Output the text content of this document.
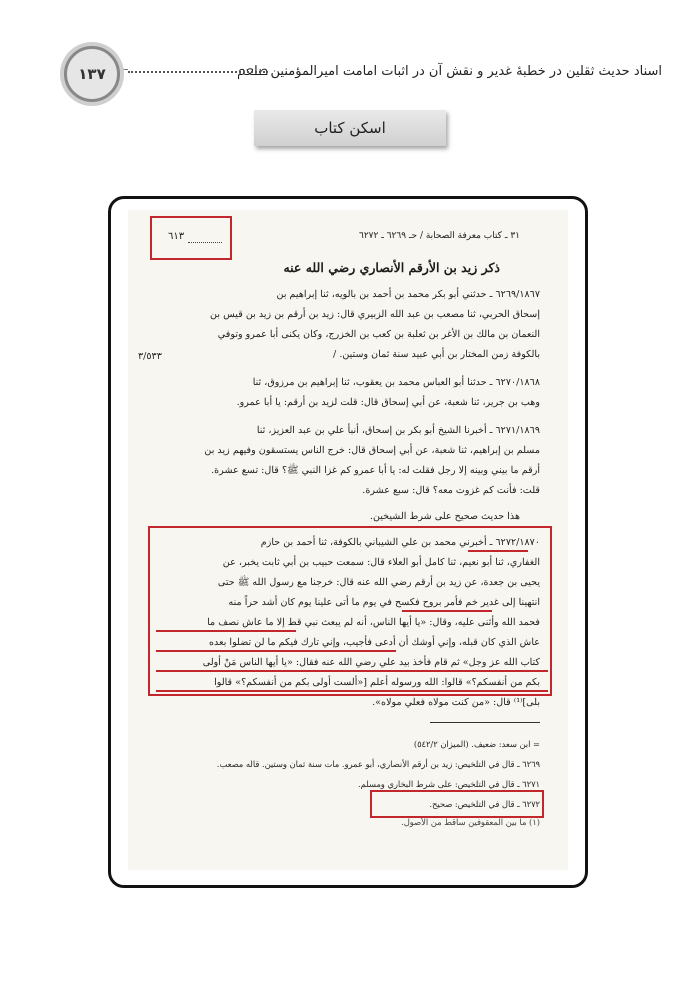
اسناد حدیث ثقلین در خطبهٔ غدیر و نقش آن در اثبات امامت امیرالمؤمنین ﷵ
۱۳۷
اسکن کتاب
٣١ ـ كتاب معرفة الصحابة / حـ ٦٢٦٩ ـ ٦٢٧٢
٦١٣
ذكر زيد بن الأرقم الأنصاري رضي الله عنه
٦٢٦٩/١٨٦٧ ـ حدثني أبو بكر محمد بن أحمد بن بالويه، ثنا إبراهيم بن
إسحاق الحربي، ثنا مصعب بن عبد الله الزبيري قال: زيد بن أرقم بن زيد بن قيس بن
النعمان بن مالك بن الأغر بن ثعلبة بن كعب بن الخزرج، وكان يكنى أبا عمرو وتوفي
بالكوفة زمن المختار بن أبي عبيد سنة ثمان وستين. /
٣/٥٣٣
٦٢٧٠/١٨٦٨ ـ حدثنا أبو العباس محمد بن يعقوب، ثنا إبراهيم بن مرزوق، ثنا
وهب بن جرير، ثنا شعبة، عن أبي إسحاق قال: قلت لزيد بن أرقم: يا أبا عمرو.
٦٢٧١/١٨٦٩ ـ أخبرنا الشيخ أبو بكر بن إسحاق، أنبأ علي بن عبد العزيز، ثنا
مسلم بن إبراهيم، ثنا شعبة، عن أبي إسحاق قال: خرج الناس يستسقون وفيهم زيد بن
أرقم ما بيني وبينه إلا رجل فقلت له: يا أبا عمرو كم غزا النبي ﷺ؟ قال: تسع عشرة.
قلت: فأنت كم غزوت معه؟ قال: سبع عشرة.
هذا حديث صحيح على شرط الشيخين.
٦٢٧٢/١٨٧٠ ـ أخبرني محمد بن علي الشيباني بالكوفة، ثنا أحمد بن حازم
الغفاري، ثنا أبو نعيم، ثنا كامل أبو العلاء قال: سمعت حبيب بن أبي ثابت يخبر، عن
يحيى بن جعدة، عن زيد بن أرقم رضي الله عنه قال: خرجنا مع رسول الله ﷺ حتى
انتهينا إلى غدير خم فأمر بروح فكسح في يوم ما أتى علينا يوم كان أشد حراً منه
فحمد الله وأثنى عليه، وقال: «يا أيها الناس، أنه لم يبعث نبي قط إلا ما عاش نصف ما
عاش الذي كان قبله، وإني أوشك أن أدعى فأجيب، وإني تارك فيكم ما لن تضلوا بعده
كتاب الله عز وجل» ثم قام فأخذ بيد علي رضي الله عنه فقال: «يا أيها الناس مَنْ أولى
بكم من أنفسكم؟» قالوا: الله ورسوله أعلم [«ألست أولى بكم من أنفسكم؟» قالوا
بلى]⁽¹⁾ قال: «من كنت مولاه فعلي مولاه».
= ابن سعد: ضعيف. (الميزان ٥٤٢/٢)
٦٢٦٩ ـ قال في التلخيص: زيد بن أرقم الأنصاري، أبو عمرو. مات سنة ثمان وستين. قاله مصعب.
٦٢٧١ ـ قال في التلخيص: على شرط البخاري ومسلم.
٦٢٧٢ ـ قال في التلخيص: صحيح.
(١) ما بين المعقوفين ساقط من الأصول.
